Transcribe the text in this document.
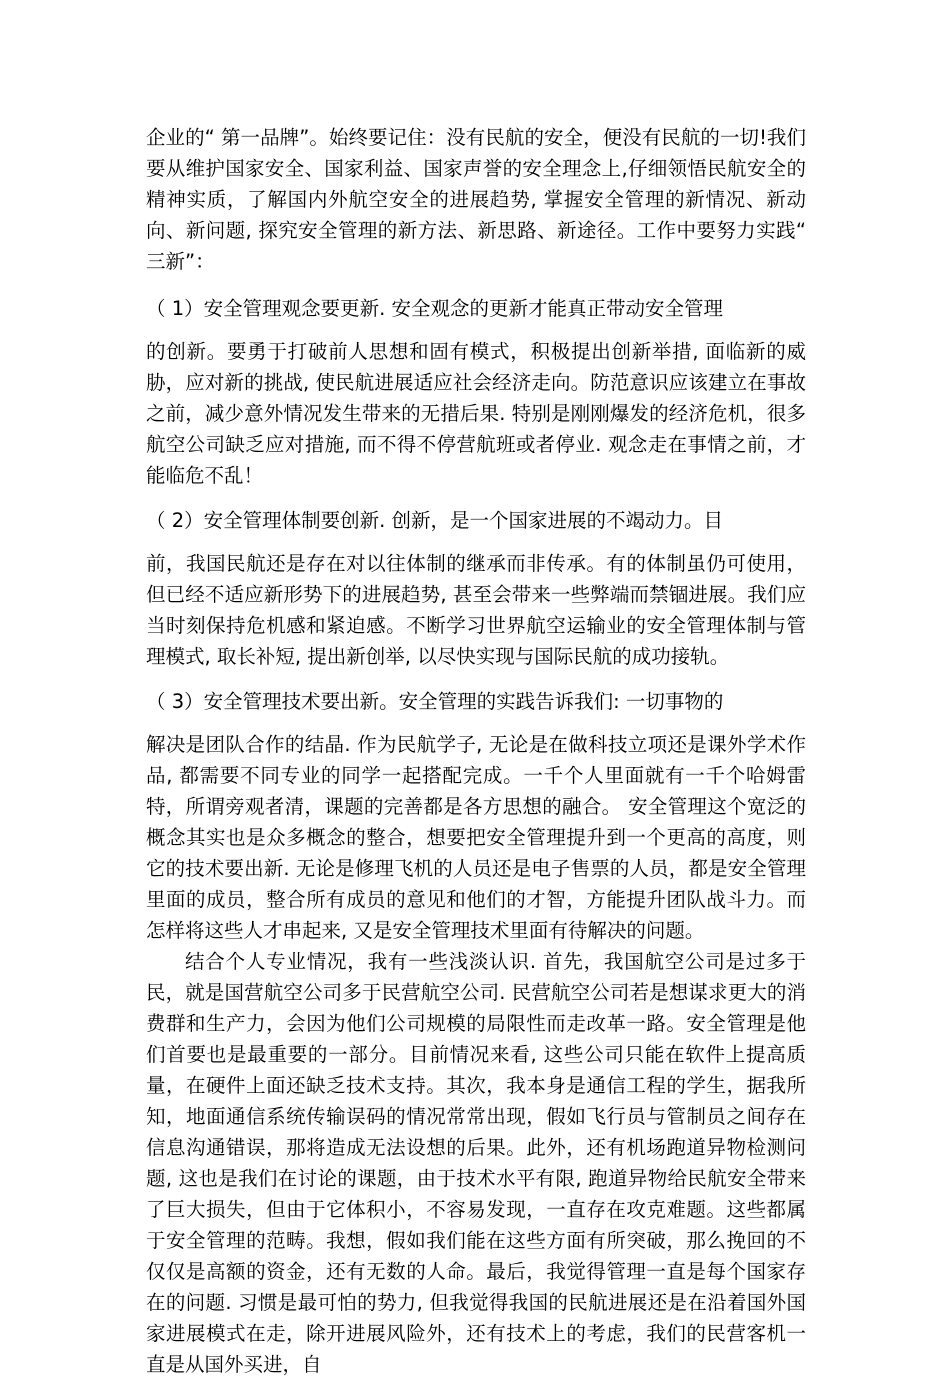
企业的“ 第一品牌”。始终要记住：没有民航的安全，便没有民航的一切!我们要从维护国家安全、国家利益、国家声誉的安全理念上,仔细领悟民航安全的精神实质，了解国内外航空安全的进展趋势, 掌握安全管理的新情况、新动向、新问题, 探究安全管理的新方法、新思路、新途径。工作中要努力实践“ 三新”：

（ 1）安全管理观念要更新. 安全观念的更新才能真正带动安全管理

的创新。要勇于打破前人思想和固有模式，积极提出创新举措, 面临新的威胁，应对新的挑战, 使民航进展适应社会经济走向。防范意识应该建立在事故之前，减少意外情况发生带来的无措后果. 特别是刚刚爆发的经济危机，很多航空公司缺乏应对措施, 而不得不停营航班或者停业. 观念走在事情之前，才能临危不乱！

（ 2）安全管理体制要创新. 创新，是一个国家进展的不竭动力。目

前，我国民航还是存在对以往体制的继承而非传承。有的体制虽仍可使用，但已经不适应新形势下的进展趋势, 甚至会带来一些弊端而禁锢进展。我们应当时刻保持危机感和紧迫感。不断学习世界航空运输业的安全管理体制与管理模式, 取长补短, 提出新创举, 以尽快实现与国际民航的成功接轨。

（ 3）安全管理技术要出新。安全管理的实践告诉我们: 一切事物的

解决是团队合作的结晶. 作为民航学子, 无论是在做科技立项还是课外学术作品, 都需要不同专业的同学一起搭配完成。一千个人里面就有一千个哈姆雷特，所谓旁观者清，课题的完善都是各方思想的融合。 安全管理这个宽泛的概念其实也是众多概念的整合，想要把安全管理提升到一个更高的高度，则它的技术要出新. 无论是修理飞机的人员还是电子售票的人员，都是安全管理里面的成员，整合所有成员的意见和他们的才智，方能提升团队战斗力。而怎样将这些人才串起来, 又是安全管理技术里面有待解决的问题。

结合个人专业情况，我有一些浅淡认识. 首先，我国航空公司是过多于民，就是国营航空公司多于民营航空公司. 民营航空公司若是想谋求更大的消费群和生产力，会因为他们公司规模的局限性而走改革一路。安全管理是他们首要也是最重要的一部分。目前情况来看, 这些公司只能在软件上提高质量，在硬件上面还缺乏技术支持。其次，我本身是通信工程的学生，据我所知，地面通信系统传输误码的情况常常出现，假如飞行员与管制员之间存在信息沟通错误，那将造成无法设想的后果。此外，还有机场跑道异物检测问题, 这也是我们在讨论的课题，由于技术水平有限, 跑道异物给民航安全带来了巨大损失，但由于它体积小，不容易发现，一直存在攻克难题。这些都属于安全管理的范畴。我想，假如我们能在这些方面有所突破，那么挽回的不仅仅是高额的资金，还有无数的人命。最后，我觉得管理一直是每个国家存在的问题. 习惯是最可怕的势力, 但我觉得我国的民航进展还是在沿着国外国家进展模式在走，除开进展风险外，还有技术上的考虑，我们的民营客机一直是从国外买进，自
